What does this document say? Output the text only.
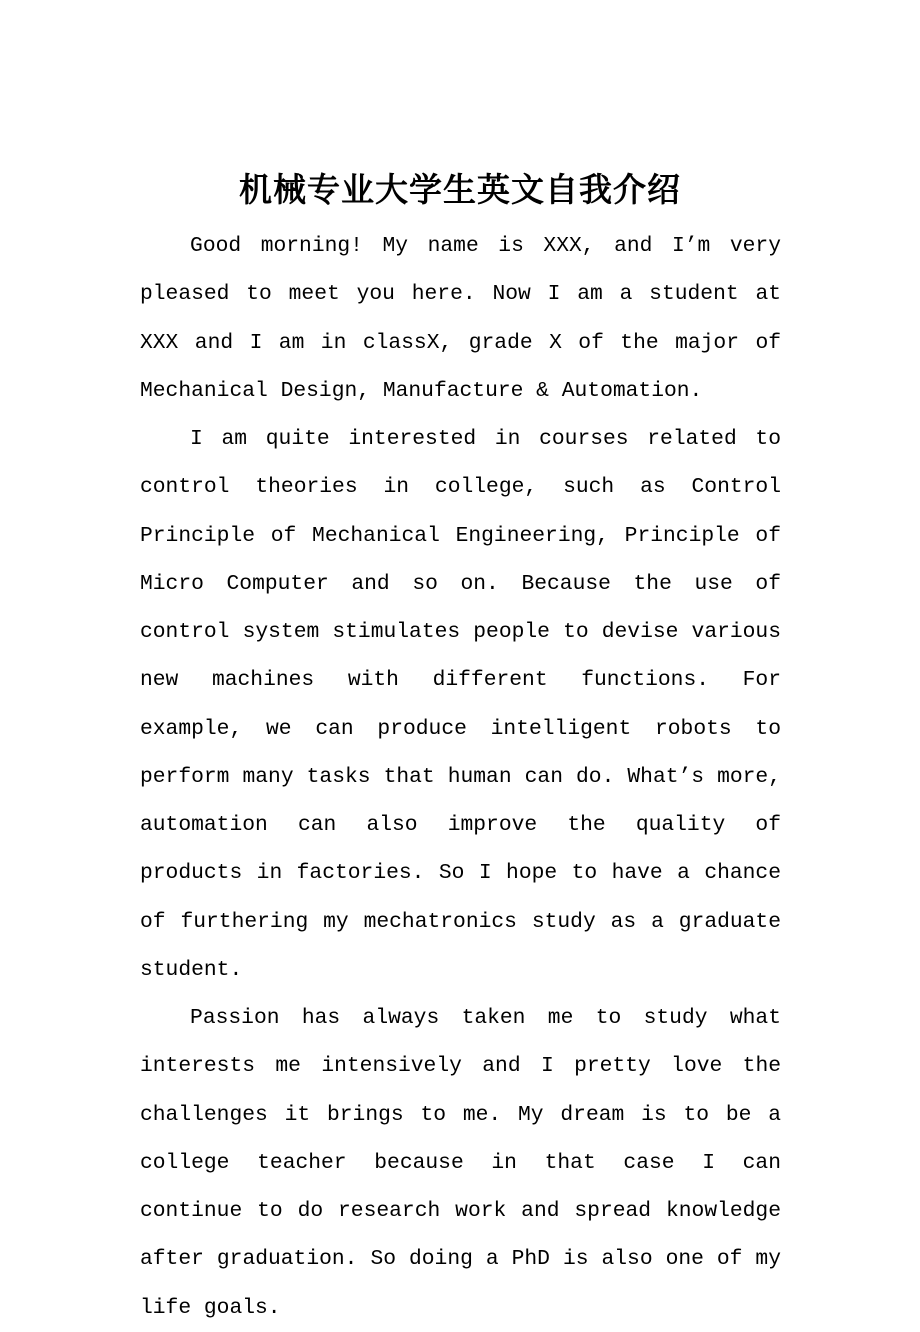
机械专业大学生英文自我介绍

Good morning! My name is XXX, and I’m very pleased to meet you here. Now I am a student at XXX and I am in classX, grade X of the major of Mechanical Design, Manufacture & Automation.

I am quite interested in courses related to control theories in college, such as Control Principle of Mechanical Engineering, Principle of Micro Computer and so on. Because the use of control system stimulates people to devise various new machines with different functions. For example, we can produce intelligent robots to perform many tasks that human can do. What’s more, automation can also improve the quality of products in factories. So I hope to have a chance of furthering my mechatronics study as a graduate student.

Passion has always taken me to study what interests me intensively and I pretty love the challenges it brings to me. My dream is to be a college teacher because in that case I can continue to do research work and spread knowledge after graduation. So doing a PhD is also one of my life goals.
